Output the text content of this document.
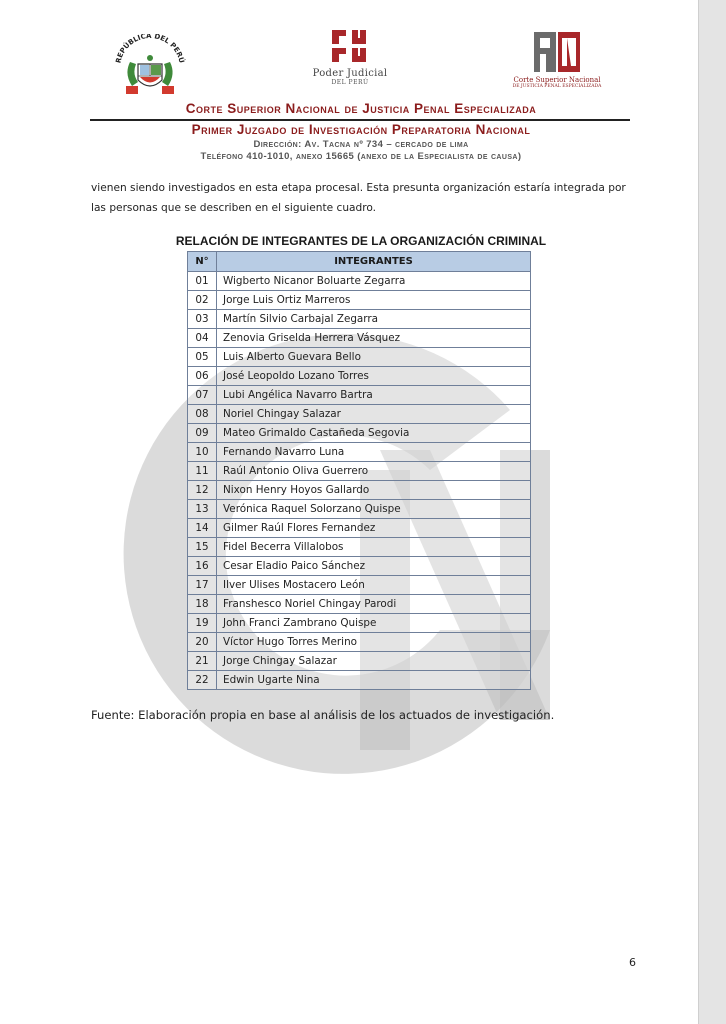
REPÚBLICA DEL PERÚ
Poder Judicial
DEL PERÚ	Corte Superior Nacional
DE JUSTICIA PENAL ESPECIALIZADA
Corte Superior Nacional de Justicia Penal Especializada
Primer Juzgado de Investigación Preparatoria Nacional
Dirección: Av. Tacna nº 734 – cercado de lima
Teléfono 410-1010, anexo 15665 (anexo de la Especialista de causa)

vienen siendo investigados en esta etapa procesal. Esta presunta organización estaría integrada por las personas que se describen en el siguiente cuadro.

RELACIÓN DE INTEGRANTES DE LA ORGANIZACIÓN CRIMINAL
N°	INTEGRANTES
01	Wigberto Nicanor Boluarte Zegarra
02	Jorge Luis Ortiz Marreros
03	Martín Silvio Carbajal Zegarra
04	Zenovia Griselda Herrera Vásquez
05	Luis Alberto Guevara Bello
06	José Leopoldo Lozano Torres
07	Lubi Angélica Navarro Bartra
08	Noriel Chingay Salazar
09	Mateo Grimaldo Castañeda Segovia
10	Fernando Navarro Luna
11	Raúl Antonio Oliva Guerrero
12	Nixon Henry Hoyos Gallardo
13	Verónica Raquel Solorzano Quispe
14	Gilmer Raúl Flores Fernandez
15	Fidel Becerra Villalobos
16	Cesar Eladio Paico Sánchez
17	Ilver Ulises Mostacero León
18	Franshesco Noriel Chingay Parodi
19	John Franci Zambrano Quispe
20	Víctor Hugo Torres Merino
21	Jorge Chingay Salazar
22	Edwin Ugarte Nina
Fuente: Elaboración propia en base al análisis de los actuados de investigación.
6
